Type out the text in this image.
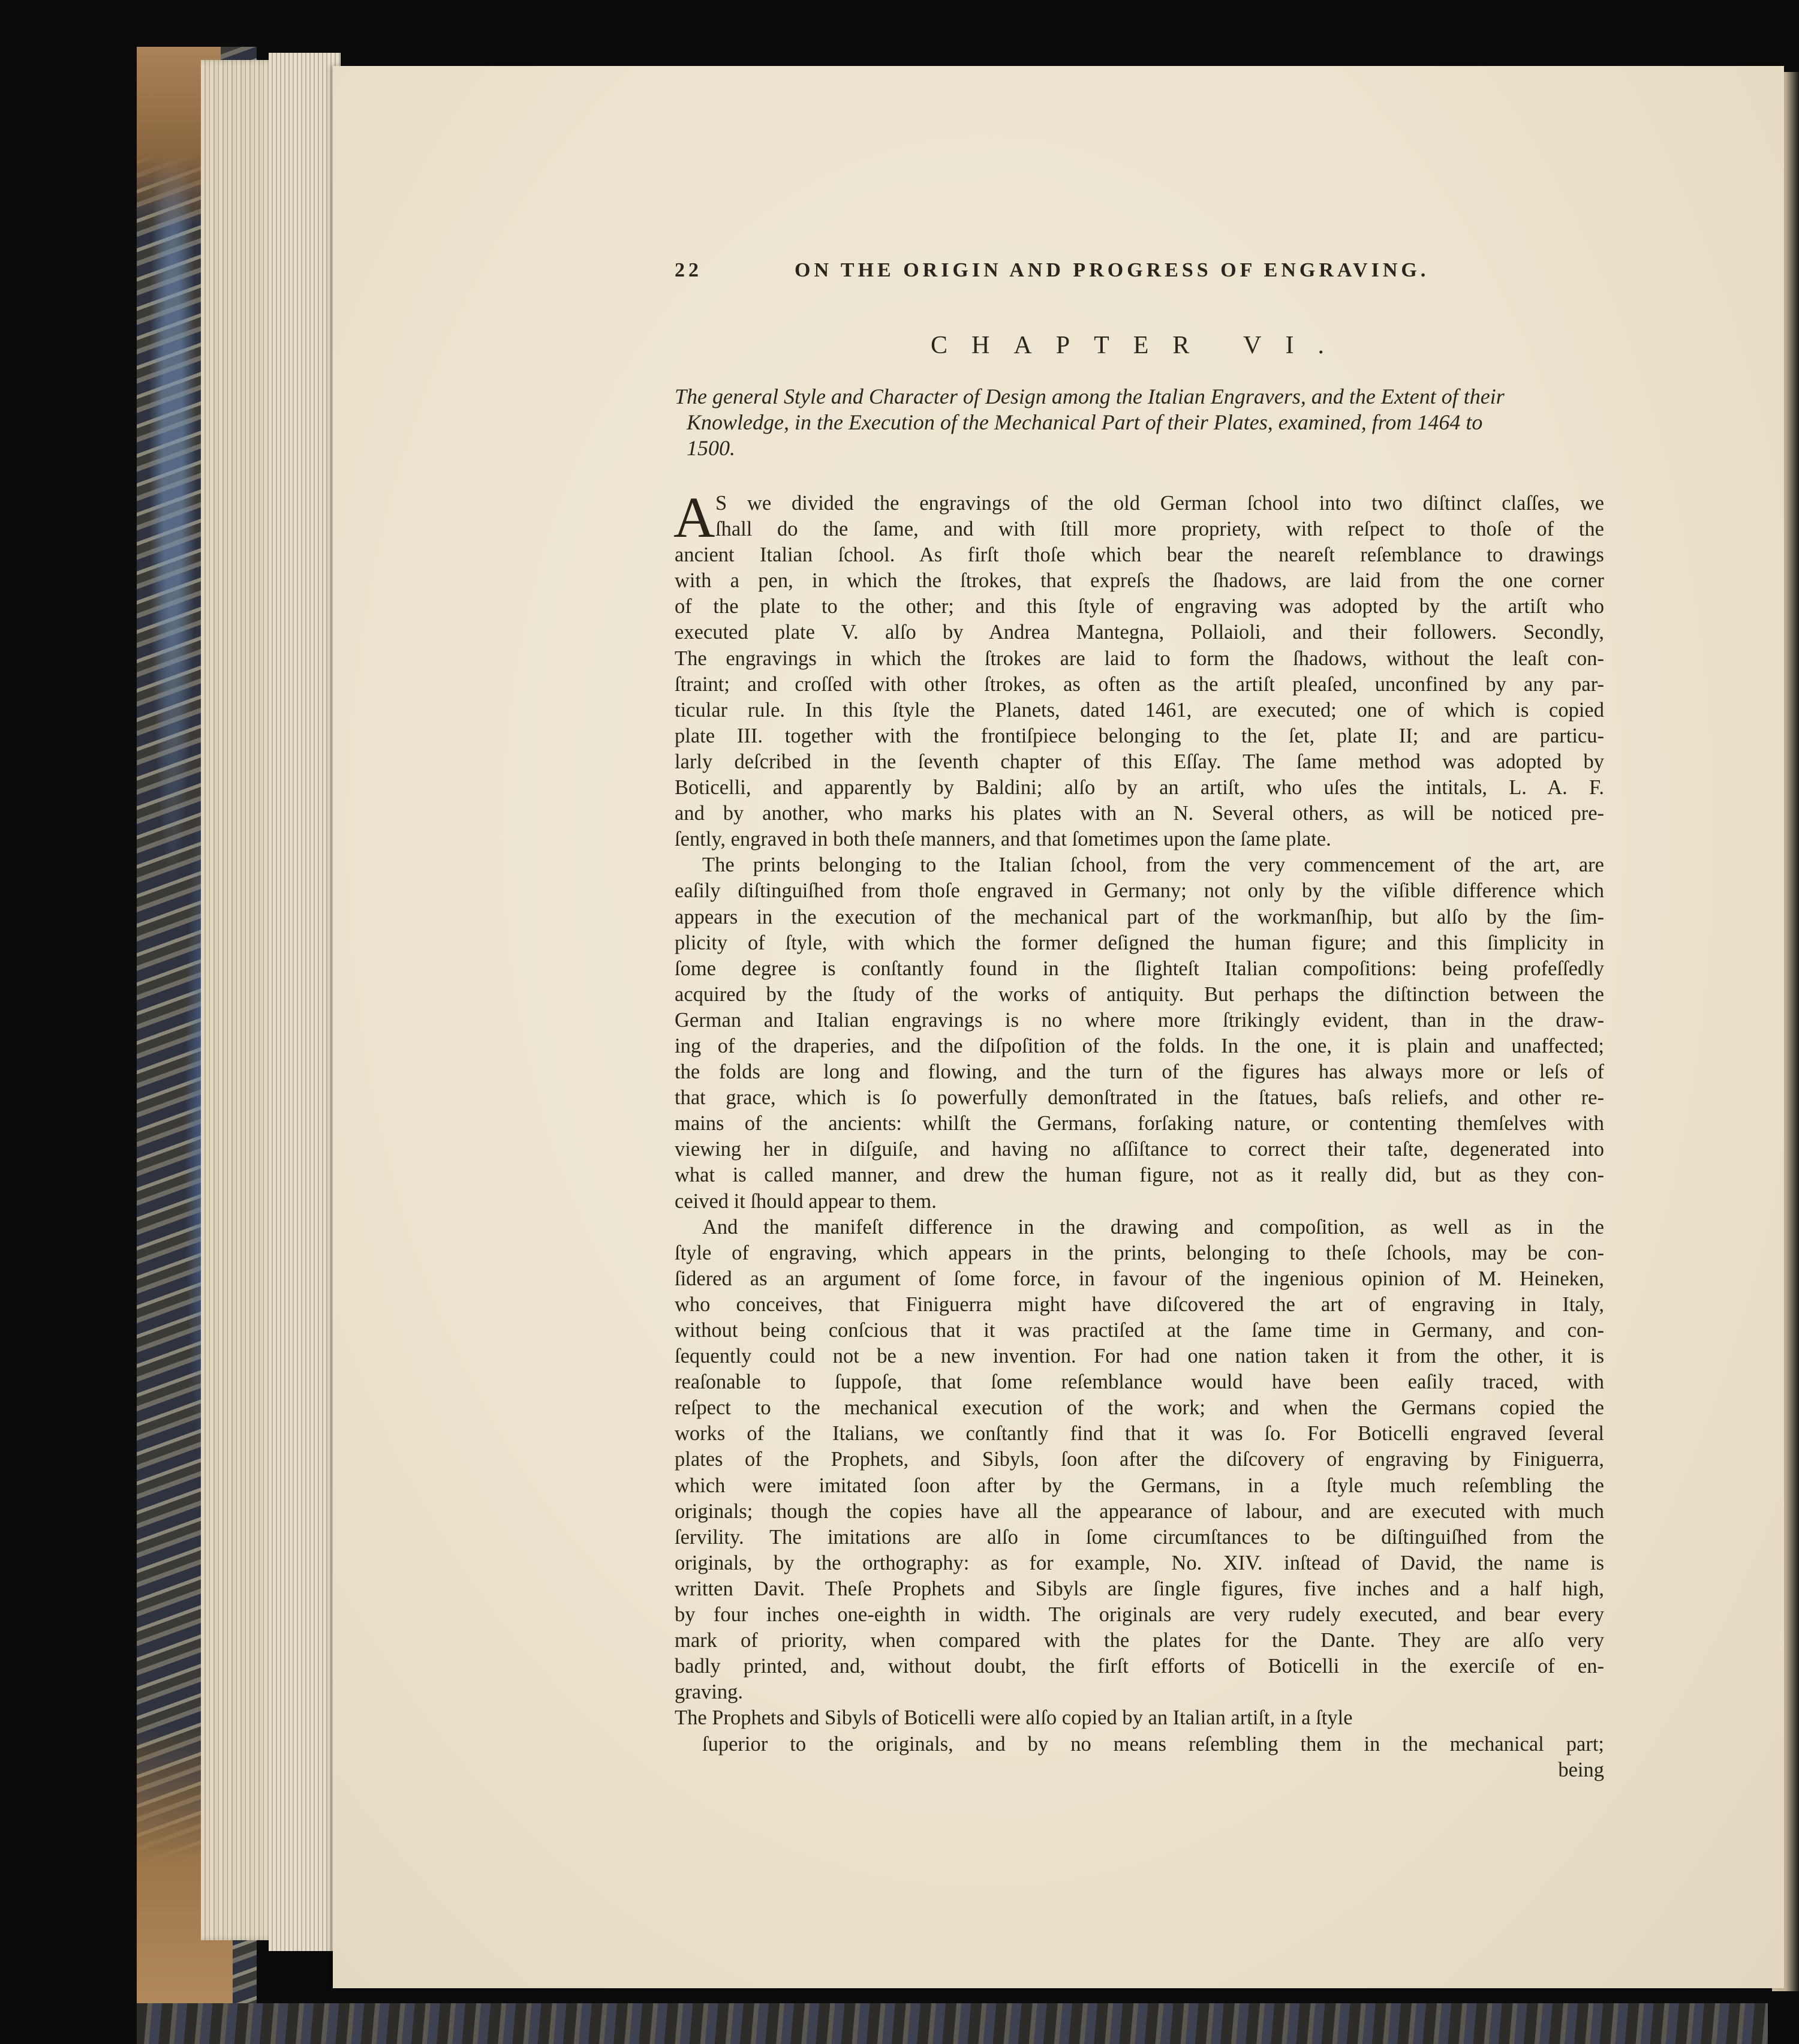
22	ON THE ORIGIN AND PROGRESS OF ENGRAVING.
CHAPTER VI.
The general Style and Character of Design among the Italian Engravers, and the Extent of their
Knowledge, in the Execution of the Mechanical Part of their Plates, examined, from 1464 to
1500.
A S we divided the engravings of the old German ſchool into two diſtinct claſſes, we
ſhall do the ſame, and with ſtill more propriety, with reſpect to thoſe of the
ancient Italian ſchool. As firſt thoſe which bear the neareſt reſemblance to drawings
with a pen, in which the ſtrokes, that expreſs the ſhadows, are laid from the one corner
of the plate to the other; and this ſtyle of engraving was adopted by the artiſt who
executed plate V. alſo by Andrea Mantegna, Pollaioli, and their followers. Secondly,
The engravings in which the ſtrokes are laid to form the ſhadows, without the leaſt con-
ſtraint; and croſſed with other ſtrokes, as often as the artiſt pleaſed, unconfined by any par-
ticular rule. In this ſtyle the Planets, dated 1461, are executed; one of which is copied
plate III. together with the frontiſpiece belonging to the ſet, plate II; and are particu-
larly deſcribed in the ſeventh chapter of this Eſſay. The ſame method was adopted by
Boticelli, and apparently by Baldini; alſo by an artiſt, who uſes the intitals, L. A. F.
and by another, who marks his plates with an N. Several others, as will be noticed pre-
ſently, engraved in both theſe manners, and that ſometimes upon the ſame plate.
The prints belonging to the Italian ſchool, from the very commencement of the art, are
eaſily diſtinguiſhed from thoſe engraved in Germany; not only by the viſible difference which
appears in the execution of the mechanical part of the workmanſhip, but alſo by the ſim-
plicity of ſtyle, with which the former deſigned the human figure; and this ſimplicity in
ſome degree is conſtantly found in the ſlighteſt Italian compoſitions: being profeſſedly
acquired by the ſtudy of the works of antiquity. But perhaps the diſtinction between the
German and Italian engravings is no where more ſtrikingly evident, than in the draw-
ing of the draperies, and the diſpoſition of the folds. In the one, it is plain and unaffected;
the folds are long and flowing, and the turn of the figures has always more or leſs of
that grace, which is ſo powerfully demonſtrated in the ſtatues, baſs reliefs, and other re-
mains of the ancients: whilſt the Germans, forſaking nature, or contenting themſelves with
viewing her in diſguiſe, and having no aſſiſtance to correct their taſte, degenerated into
what is called manner, and drew the human figure, not as it really did, but as they con-
ceived it ſhould appear to them.
And the manifeſt difference in the drawing and compoſition, as well as in the
ſtyle of engraving, which appears in the prints, belonging to theſe ſchools, may be con-
ſidered as an argument of ſome force, in favour of the ingenious opinion of M. Heineken,
who conceives, that Finiguerra might have diſcovered the art of engraving in Italy,
without being conſcious that it was practiſed at the ſame time in Germany, and con-
ſequently could not be a new invention. For had one nation taken it from the other, it is
reaſonable to ſuppoſe, that ſome reſemblance would have been eaſily traced, with
reſpect to the mechanical execution of the work; and when the Germans copied the
works of the Italians, we conſtantly find that it was ſo. For Boticelli engraved ſeveral
plates of the Prophets, and Sibyls, ſoon after the diſcovery of engraving by Finiguerra,
which were imitated ſoon after by the Germans, in a ſtyle much reſembling the
originals; though the copies have all the appearance of labour, and are executed with much
ſervility. The imitations are alſo in ſome circumſtances to be diſtinguiſhed from the
originals, by the orthography: as for example, No. XIV. inſtead of David, the name is
written Davit. Theſe Prophets and Sibyls are ſingle figures, five inches and a half high,
by four inches one-eighth in width. The originals are very rudely executed, and bear every
mark of priority, when compared with the plates for the Dante. They are alſo very
badly printed, and, without doubt, the firſt efforts of Boticelli in the exerciſe of en-
graving.
The Prophets and Sibyls of Boticelli were alſo copied by an Italian artiſt, in a ſtyle
ſuperior to the originals, and by no means reſembling them in the mechanical part;
being
